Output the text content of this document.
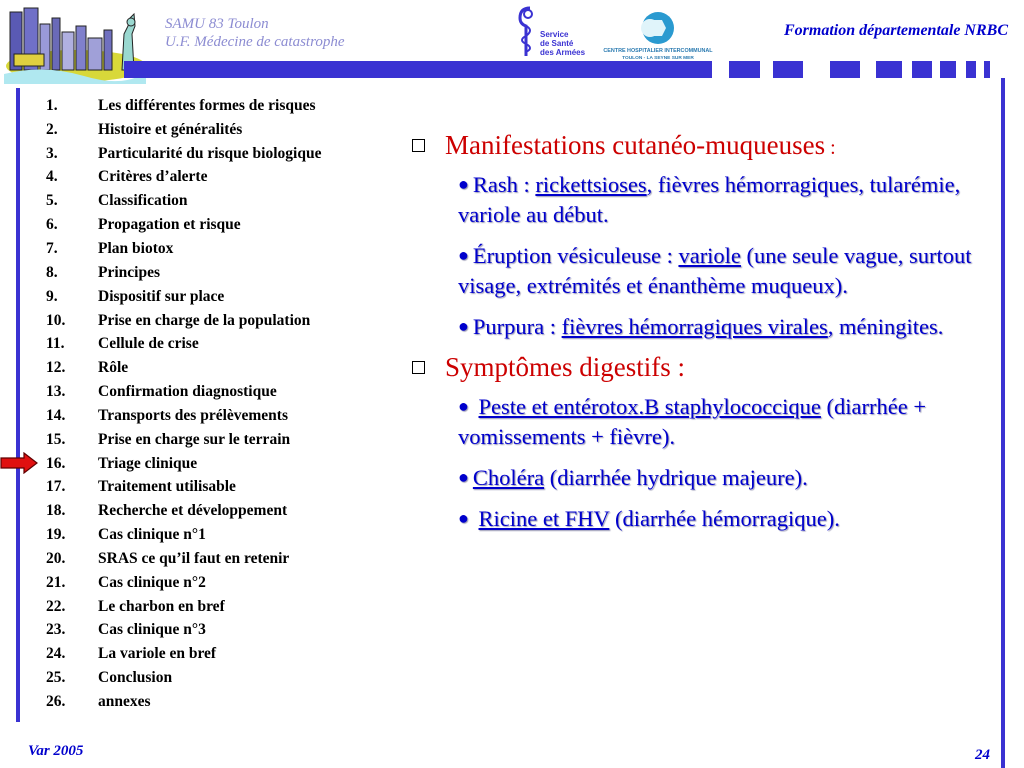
SAMU 83 Toulon
U.F. Médecine de catastrophe	Service
de Santé
des Armées	CENTRE HOSPITALIER INTERCOMMUNAL
TOULON - LA SEYNE SUR MER
Formation départementale NRBC
1.	Les différentes formes de risques
2.	Histoire et généralités
3.	Particularité du risque biologique
4.	Critères d’alerte
5.	Classification
6.	Propagation et risque
7.	Plan biotox
8.	Principes
9.	Dispositif sur place
10.	Prise en charge de la population
11.	Cellule de crise
12.	Rôle
13.	Confirmation diagnostique
14.	Transports des prélèvements
15.	Prise en charge sur le terrain
16.	Triage clinique
17.	Traitement utilisable
18.	Recherche et développement
19.	Cas clinique n°1
20.	SRAS ce qu’il faut en retenir
21.	Cas clinique n°2
22.	Le charbon en bref
23.	Cas clinique n°3
24.	La variole en bref
25.	Conclusion
26.	annexes
Manifestations cutanéo-muqueuses :
● Rash : rickettsioses, fièvres hémorragiques, tularémie, variole au début.
● Éruption vésiculeuse : variole (une seule vague, surtout visage, extrémités et énanthème muqueux).
● Purpura : fièvres hémorragiques virales, méningites.
Symptômes digestifs :
● Peste et entérotox.B staphylococcique (diarrhée + vomissements + fièvre).
● Choléra (diarrhée hydrique majeure).
● Ricine et FHV (diarrhée hémorragique).
Var 2005	24
